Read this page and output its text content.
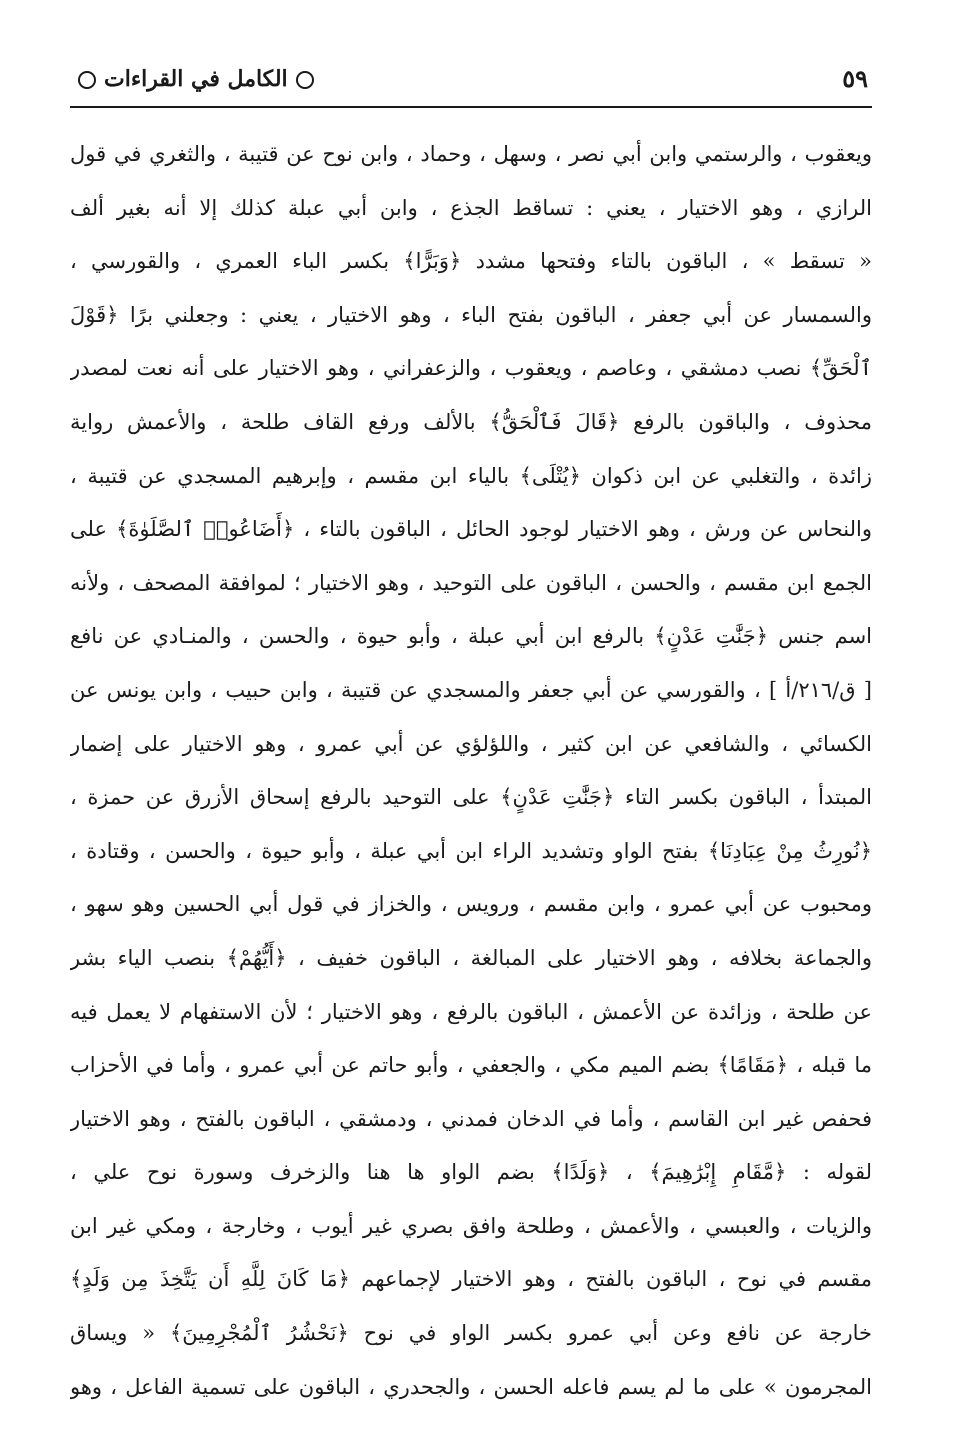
الكامل في القراءات	٥٩
ويعقوب ، والرستمي وابن أبي نصر ، وسهل ، وحماد ، وابن نوح عن قتيبة ، والثغري في قول
الرازي ، وهو الاختيار ، يعني : تساقط الجذع ، وابن أبي عبلة كذلك إلا أنه بغير ألف
« تسقط » ، الباقون بالتاء وفتحها مشدد ﴿وَبَرًّا﴾ بكسر الباء العمري ، والقورسي ،
والسمسار عن أبي جعفر ، الباقون بفتح الباء ، وهو الاختيار ، يعني : وجعلني برًا ﴿قَوْلَ
ٱلْحَقِّ﴾ نصب دمشقي ، وعاصم ، ويعقوب ، والزعفراني ، وهو الاختيار على أنه نعت لمصدر
محذوف ، والباقون بالرفع ﴿قَالَ فَٱلْحَقُّ﴾ بالألف ورفع القاف طلحة ، والأعمش رواية
زائدة ، والتغلبي عن ابن ذكوان ﴿يُتْلَى﴾ بالياء ابن مقسم ، وإبرهيم المسجدي عن قتيبة ،
والنحاس عن ورش ، وهو الاختيار لوجود الحائل ، الباقون بالتاء ، ﴿أَضَاعُوا۟ ٱلصَّلَوٰةَ﴾ على
الجمع ابن مقسم ، والحسن ، الباقون على التوحيد ، وهو الاختيار ؛ لموافقة المصحف ، ولأنه
اسم جنس ﴿جَنَّٰتِ عَدْنٍ﴾ بالرفع ابن أبي عبلة ، وأبو حيوة ، والحسن ، والمنـادي عن نافع
[ ق/٢١٦/أ ] ، والقورسي عن أبي جعفر والمسجدي عن قتيبة ، وابن حبيب ، وابن يونس عن
الكسائي ، والشافعي عن ابن كثير ، واللؤلؤي عن أبي عمرو ، وهو الاختيار على إضمار
المبتدأ ، الباقون بكسر التاء ﴿جَنَّٰتِ عَدْنٍ﴾ على التوحيد بالرفع إسحاق الأزرق عن حمزة ،
﴿نُورِثُ مِنْ عِبَادِنَا﴾ بفتح الواو وتشديد الراء ابن أبي عبلة ، وأبو حيوة ، والحسن ، وقتادة ،
ومحبوب عن أبي عمرو ، وابن مقسم ، ورويس ، والخزاز في قول أبي الحسين وهو سهو ،
والجماعة بخلافه ، وهو الاختيار على المبالغة ، الباقون خفيف ، ﴿أَيُّهُمْ﴾ بنصب الياء بشر
عن طلحة ، وزائدة عن الأعمش ، الباقون بالرفع ، وهو الاختيار ؛ لأن الاستفهام لا يعمل فيه
ما قبله ، ﴿مَقَامًا﴾ بضم الميم مكي ، والجعفي ، وأبو حاتم عن أبي عمرو ، وأما في الأحزاب
فحفص غير ابن القاسم ، وأما في الدخان فمدني ، ودمشقي ، الباقون بالفتح ، وهو الاختيار
لقوله : ﴿مَّقَامِ إِبْرَٰهِيمَ﴾ ، ﴿وَلَدًا﴾ بضم الواو ها هنا والزخرف وسورة نوح علي ،
والزيات ، والعبسي ، والأعمش ، وطلحة وافق بصري غير أيوب ، وخارجة ، ومكي غير ابن
مقسم في نوح ، الباقون بالفتح ، وهو الاختيار لإجماعهم ﴿مَا كَانَ لِلَّهِ أَن يَتَّخِذَ مِن وَلَدٍ﴾
خارجة عن نافع وعن أبي عمرو بكسر الواو في نوح ﴿نَحْشُرُ ٱلْمُجْرِمِينَ﴾ « ويساق
المجرمون » على ما لم يسم فاعله الحسن ، والجحدري ، الباقون على تسمية الفاعل ، وهو
